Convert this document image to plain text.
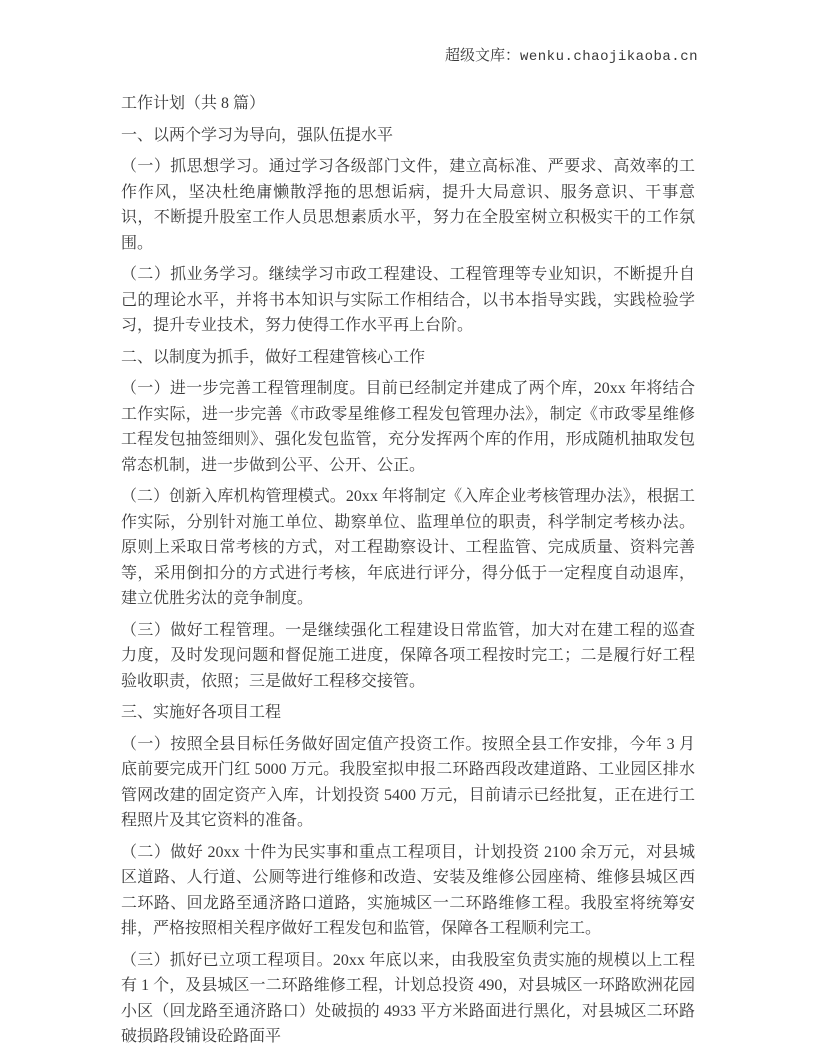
超级文库：wenku.chaojikaoba.cn

工作计划（共 8 篇）

一、以两个学习为导向，强队伍提水平

（一）抓思想学习。通过学习各级部门文件，建立高标准、严要求、高效率的工作作风，坚决杜绝庸懒散浮拖的思想诟病，提升大局意识、服务意识、干事意识，不断提升股室工作人员思想素质水平，努力在全股室树立积极实干的工作氛围。

（二）抓业务学习。继续学习市政工程建设、工程管理等专业知识，不断提升自己的理论水平，并将书本知识与实际工作相结合，以书本指导实践，实践检验学习，提升专业技术，努力使得工作水平再上台阶。

二、以制度为抓手，做好工程建管核心工作

（一）进一步完善工程管理制度。目前已经制定并建成了两个库，20xx 年将结合工作实际，进一步完善《市政零星维修工程发包管理办法》，制定《市政零星维修工程发包抽签细则》、强化发包监管，充分发挥两个库的作用，形成随机抽取发包常态机制，进一步做到公平、公开、公正。

（二）创新入库机构管理模式。20xx 年将制定《入库企业考核管理办法》，根据工作实际，分别针对施工单位、勘察单位、监理单位的职责，科学制定考核办法。原则上采取日常考核的方式，对工程勘察设计、工程监管、完成质量、资料完善等，采用倒扣分的方式进行考核，年底进行评分，得分低于一定程度自动退库，建立优胜劣汰的竞争制度。

（三）做好工程管理。一是继续强化工程建设日常监管，加大对在建工程的巡查力度，及时发现问题和督促施工进度，保障各项工程按时完工；二是履行好工程验收职责，依照；三是做好工程移交接管。

三、实施好各项目工程

（一）按照全县目标任务做好固定值产投资工作。按照全县工作安排，今年 3 月底前要完成开门红 5000 万元。我股室拟申报二环路西段改建道路、工业园区排水管网改建的固定资产入库，计划投资 5400 万元，目前请示已经批复，正在进行工程照片及其它资料的准备。

（二）做好 20xx 十件为民实事和重点工程项目，计划投资 2100 余万元，对县城区道路、人行道、公厕等进行维修和改造、安装及维修公园座椅、维修县城区西二环路、回龙路至通济路口道路，实施城区一二环路维修工程。我股室将统筹安排，严格按照相关程序做好工程发包和监管，保障各工程顺利完工。

（三）抓好已立项工程项目。20xx 年底以来，由我股室负责实施的规模以上工程有 1 个，及县城区一二环路维修工程，计划总投资 490，对县城区一环路欧洲花园小区（回龙路至通济路口）处破损的 4933 平方米路面进行黑化，对县城区二环路破损路段铺设砼路面平
